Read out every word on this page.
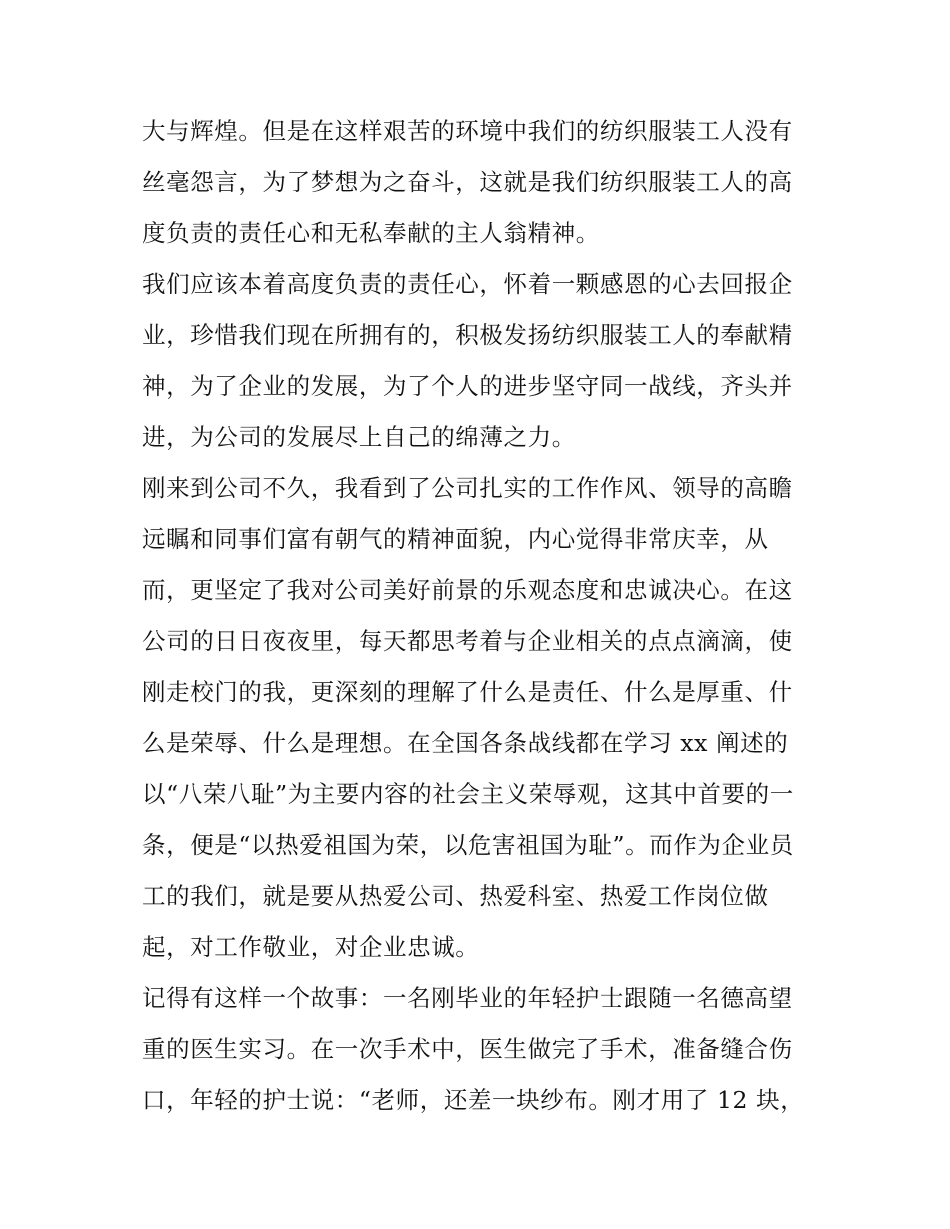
大与辉煌。但是在这样艰苦的环境中我们的纺织服装工人没有
丝毫怨言，为了梦想为之奋斗，这就是我们纺织服装工人的高
度负责的责任心和无私奉献的主人翁精神。
我们应该本着高度负责的责任心，怀着一颗感恩的心去回报企
业，珍惜我们现在所拥有的，积极发扬纺织服装工人的奉献精
神，为了企业的发展，为了个人的进步坚守同一战线，齐头并
进，为公司的发展尽上自己的绵薄之力。
刚来到公司不久，我看到了公司扎实的工作作风、领导的高瞻
远瞩和同事们富有朝气的精神面貌，内心觉得非常庆幸，从
而，更坚定了我对公司美好前景的乐观态度和忠诚决心。在这
公司的日日夜夜里，每天都思考着与企业相关的点点滴滴，使
刚走校门的我，更深刻的理解了什么是责任、什么是厚重、什
么是荣辱、什么是理想。在全国各条战线都在学习 xx 阐述的
以“八荣八耻”为主要内容的社会主义荣辱观，这其中首要的一
条，便是“以热爱祖国为荣，以危害祖国为耻”。而作为企业员
工的我们，就是要从热爱公司、热爱科室、热爱工作岗位做
起，对工作敬业，对企业忠诚。
记得有这样一个故事：一名刚毕业的年轻护士跟随一名德高望
重的医生实习。在一次手术中，医生做完了手术，准备缝合伤
口，年轻的护士说：“老师，还差一块纱布。刚才用了 12 块，
